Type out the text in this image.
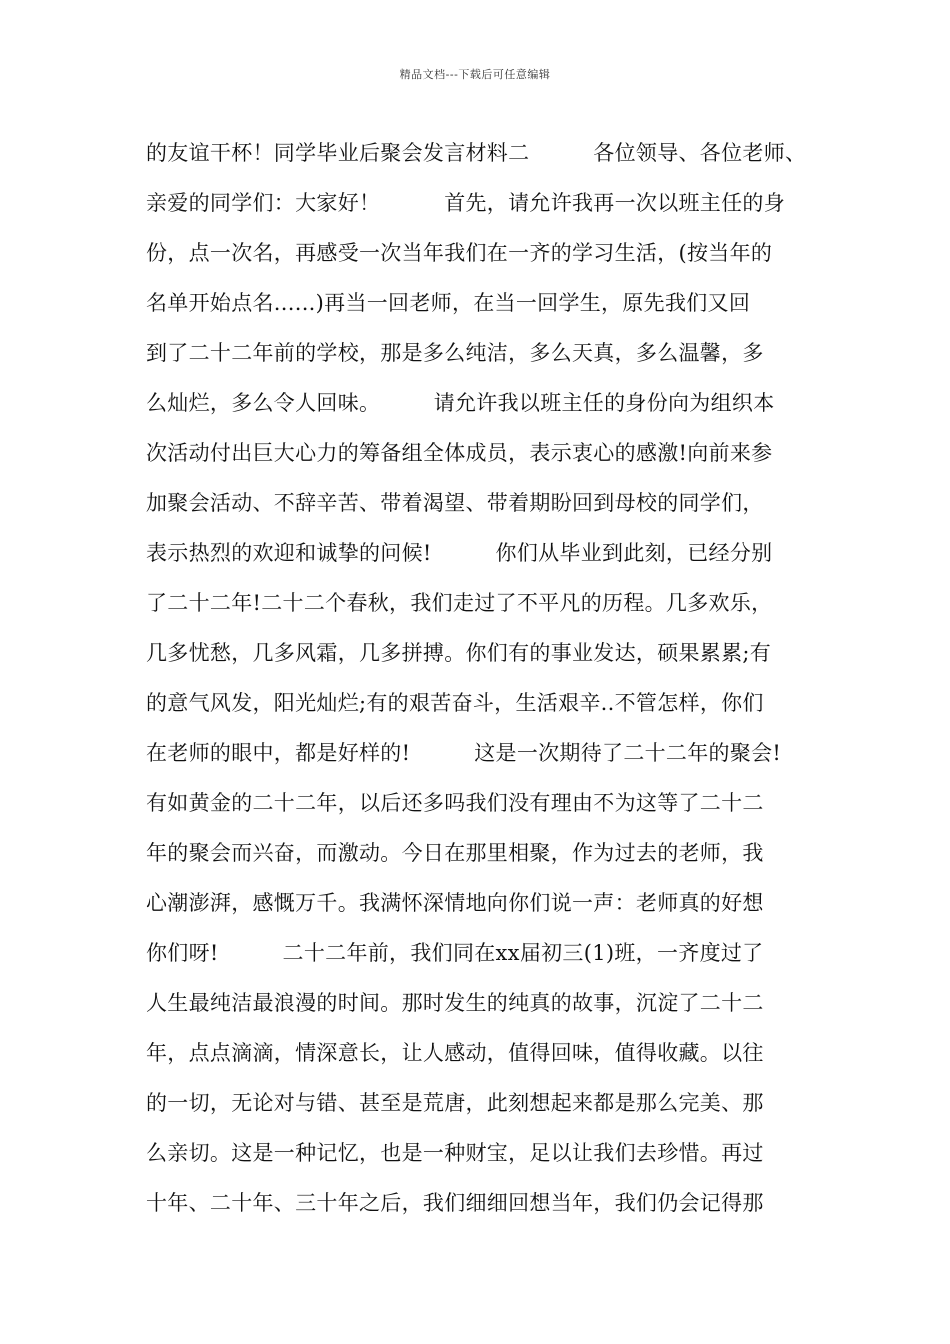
精品文档---下载后可任意编辑
的友谊干杯！同学毕业后聚会发言材料二　　　各位领导、各位老师、
亲爱的同学们：大家好！　　　首先，请允许我再一次以班主任的身
份，点一次名，再感受一次当年我们在一齐的学习生活，(按当年的
名单开始点名......)再当一回老师，在当一回学生，原先我们又回
到了二十二年前的学校，那是多么纯洁，多么天真，多么温馨，多
么灿烂，多么令人回味。　　　请允许我以班主任的身份向为组织本
次活动付出巨大心力的筹备组全体成员，表示衷心的感激!向前来参
加聚会活动、不辞辛苦、带着渴望、带着期盼回到母校的同学们，
表示热烈的欢迎和诚挚的问候!　　　你们从毕业到此刻，已经分别
了二十二年!二十二个春秋，我们走过了不平凡的历程。几多欢乐，
几多忧愁，几多风霜，几多拼搏。你们有的事业发达，硕果累累;有
的意气风发，阳光灿烂;有的艰苦奋斗，生活艰辛..不管怎样，你们
在老师的眼中，都是好样的!　　　这是一次期待了二十二年的聚会!
有如黄金的二十二年，以后还多吗我们没有理由不为这等了二十二
年的聚会而兴奋，而激动。今日在那里相聚，作为过去的老师，我
心潮澎湃，感慨万千。我满怀深情地向你们说一声：老师真的好想
你们呀!　　　二十二年前，我们同在xx届初三(1)班，一齐度过了
人生最纯洁最浪漫的时间。那时发生的纯真的故事，沉淀了二十二
年，点点滴滴，情深意长，让人感动，值得回味，值得收藏。以往
的一切，无论对与错、甚至是荒唐，此刻想起来都是那么完美、那
么亲切。这是一种记忆，也是一种财宝，足以让我们去珍惜。再过
十年、二十年、三十年之后，我们细细回想当年，我们仍会记得那
